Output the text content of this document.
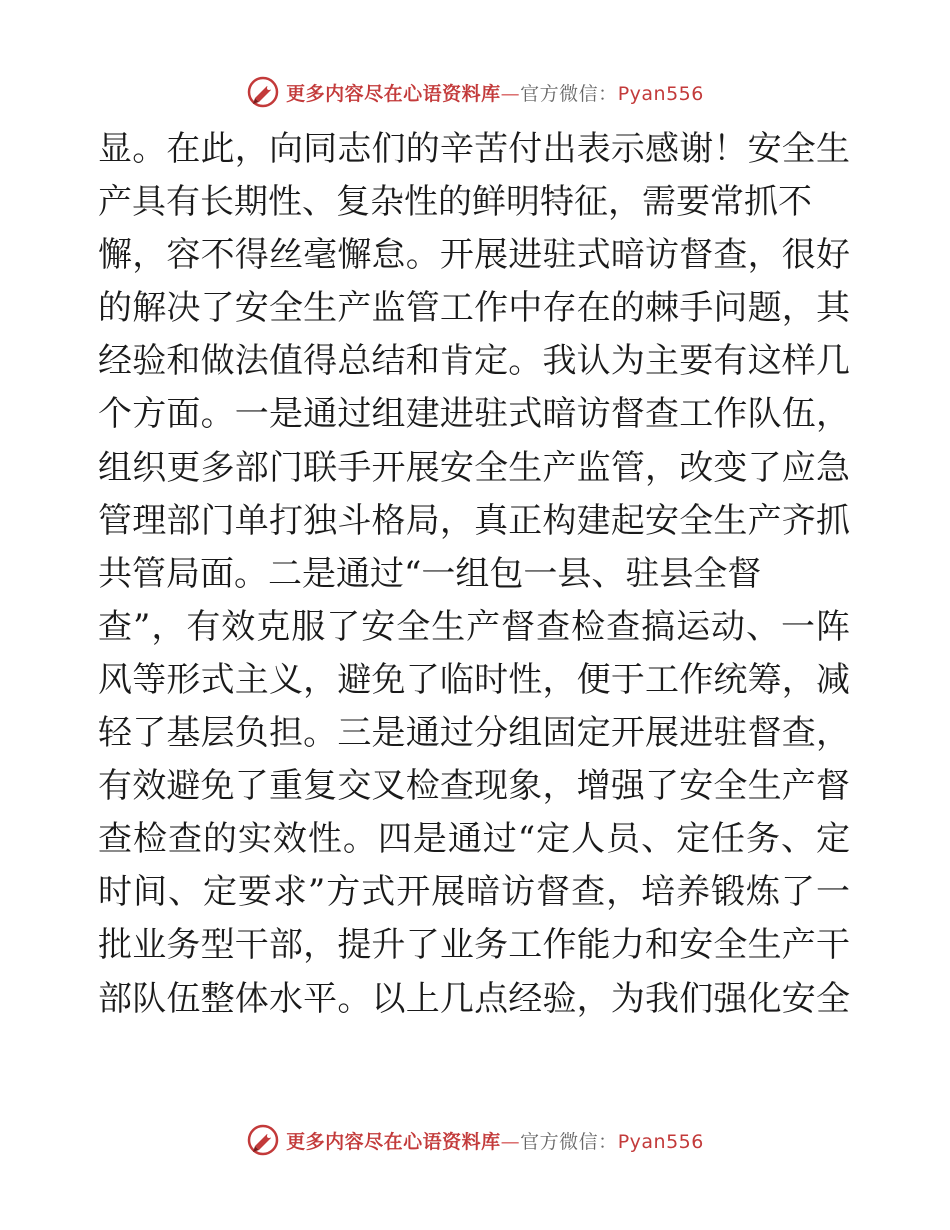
更多内容尽在心语资料库—官方微信：Pyan556
显。在此，向同志们的辛苦付出表示感谢！安全生
产具有长期性、复杂性的鲜明特征，需要常抓不
懈，容不得丝毫懈怠。开展进驻式暗访督查，很好
的解决了安全生产监管工作中存在的棘手问题，其
经验和做法值得总结和肯定。我认为主要有这样几
个方面。一是通过组建进驻式暗访督查工作队伍，
组织更多部门联手开展安全生产监管，改变了应急
管理部门单打独斗格局，真正构建起安全生产齐抓
共管局面。二是通过“一组包一县、驻县全督
查”，有效克服了安全生产督查检查搞运动、一阵
风等形式主义，避免了临时性，便于工作统筹，减
轻了基层负担。三是通过分组固定开展进驻督查，
有效避免了重复交叉检查现象，增强了安全生产督
查检查的实效性。四是通过“定人员、定任务、定
时间、定要求”方式开展暗访督查，培养锻炼了一
批业务型干部，提升了业务工作能力和安全生产干
部队伍整体水平。以上几点经验，为我们强化安全
更多内容尽在心语资料库—官方微信：Pyan556
